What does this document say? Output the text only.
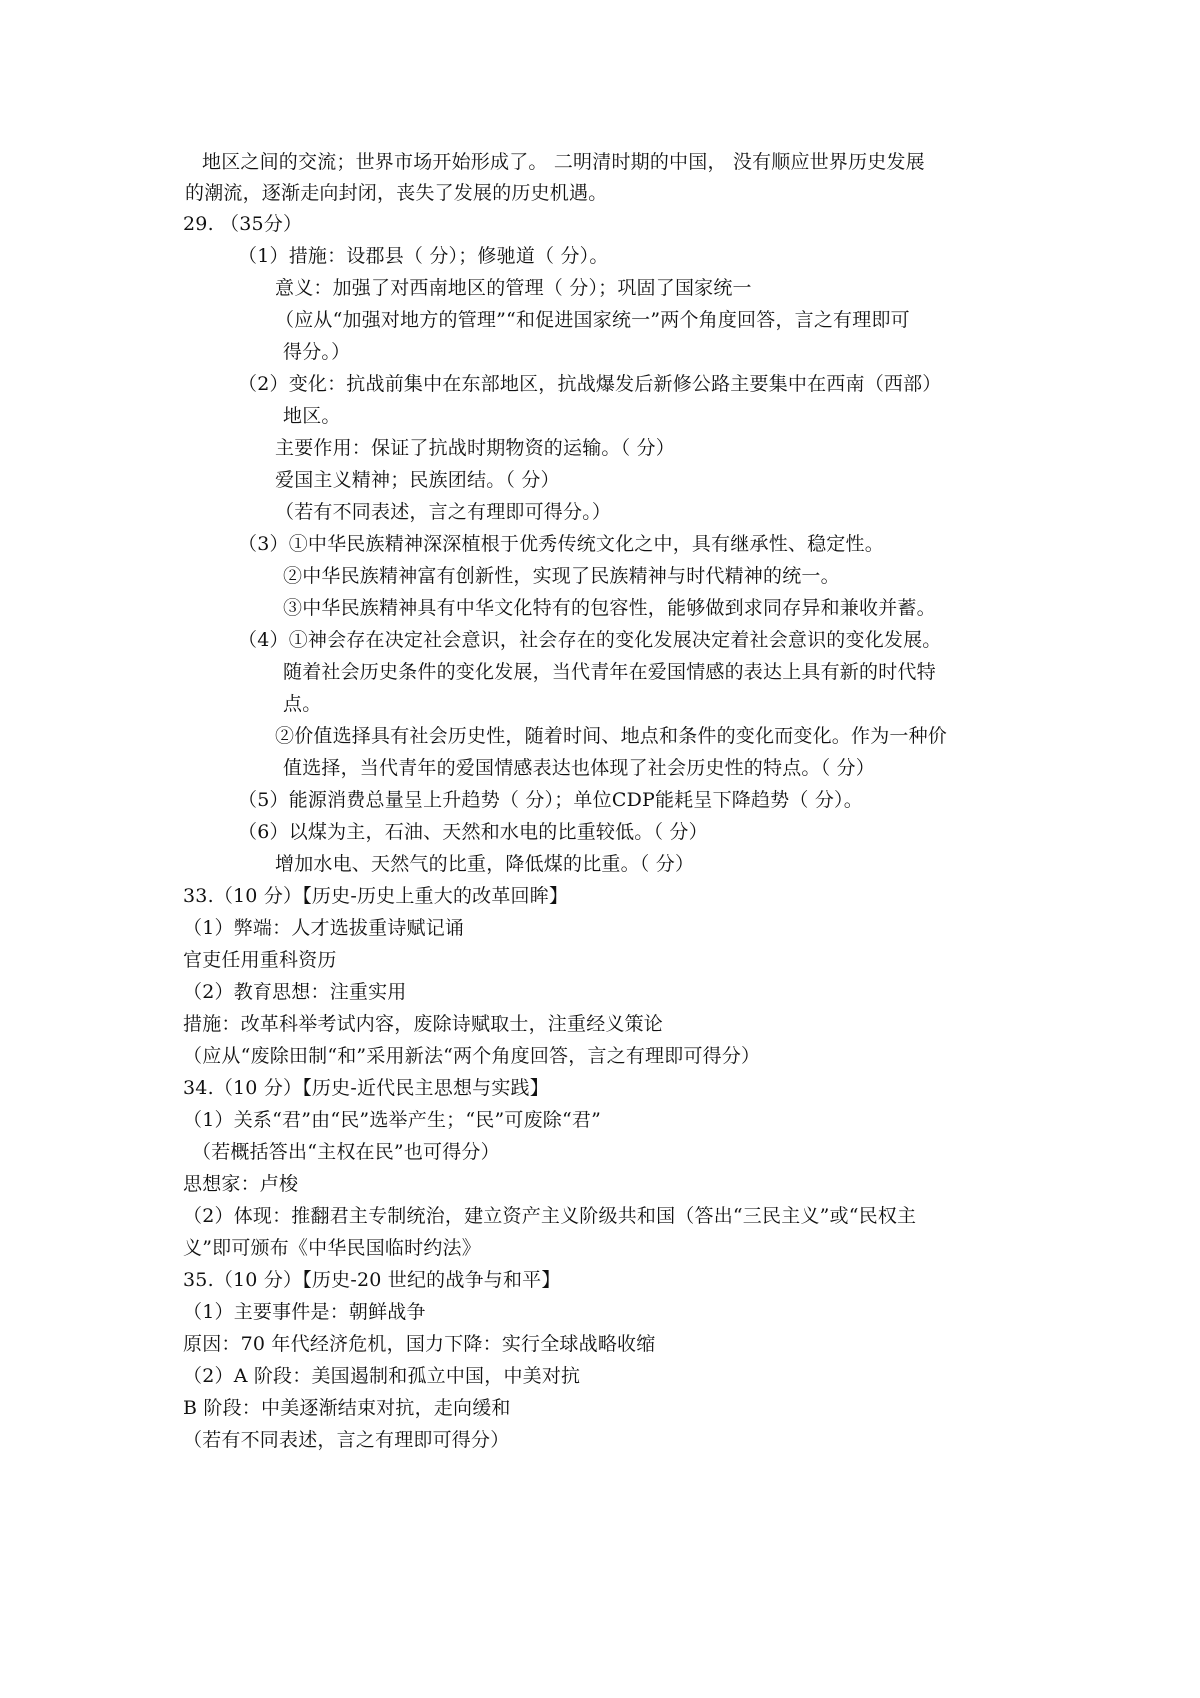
地区之间的交流；世界市场开始形成了。 二明清时期的中国， 没有顺应世界历史发展
的潮流，逐渐走向封闭，丧失了发展的历史机遇。
29. （35分）
（1）措施：设郡县（ 分）；修驰道（ 分）。
意义：加强了对西南地区的管理（ 分）；巩固了国家统一
（应从“加强对地方的管理”“和促进国家统一”两个角度回答，言之有理即可
得分。）
（2）变化：抗战前集中在东部地区，抗战爆发后新修公路主要集中在西南（西部）
地区。
主要作用：保证了抗战时期物资的运输。（ 分）
爱国主义精神；民族团结。（ 分）
（若有不同表述，言之有理即可得分。）
（3）①中华民族精神深深植根于优秀传统文化之中，具有继承性、稳定性。
②中华民族精神富有创新性，实现了民族精神与时代精神的统一。
③中华民族精神具有中华文化特有的包容性，能够做到求同存异和兼收并蓄。
（4）①神会存在决定社会意识，社会存在的变化发展决定着社会意识的变化发展。
随着社会历史条件的变化发展，当代青年在爱国情感的表达上具有新的时代特
点。
②价值选择具有社会历史性，随着时间、地点和条件的变化而变化。作为一种价
值选择，当代青年的爱国情感表达也体现了社会历史性的特点。（ 分）
（5）能源消费总量呈上升趋势（ 分）；单位CDP能耗呈下降趋势（ 分）。
（6）以煤为主，石油、天然和水电的比重较低。（ 分）
增加水电、天然气的比重，降低煤的比重。（ 分）
33.（10 分）【历史-历史上重大的改革回眸】
（1）弊端：人才选拔重诗赋记诵
官吏任用重科资历
（2）教育思想：注重实用
措施：改革科举考试内容，废除诗赋取士，注重经义策论
（应从“废除田制“和”采用新法“两个角度回答，言之有理即可得分）
34.（10 分）【历史-近代民主思想与实践】
（1）关系“君”由“民”选举产生；“民”可废除“君”
（若概括答出“主权在民”也可得分）
思想家：卢梭
（2）体现：推翻君主专制统治，建立资产主义阶级共和国（答出“三民主义”或“民权主
义”即可颁布《中华民国临时约法》
35.（10 分）【历史-20 世纪的战争与和平】
（1）主要事件是：朝鲜战争
原因：70 年代经济危机，国力下降：实行全球战略收缩
（2）A 阶段：美国遏制和孤立中国，中美对抗
B 阶段：中美逐渐结束对抗，走向缓和
（若有不同表述，言之有理即可得分）
